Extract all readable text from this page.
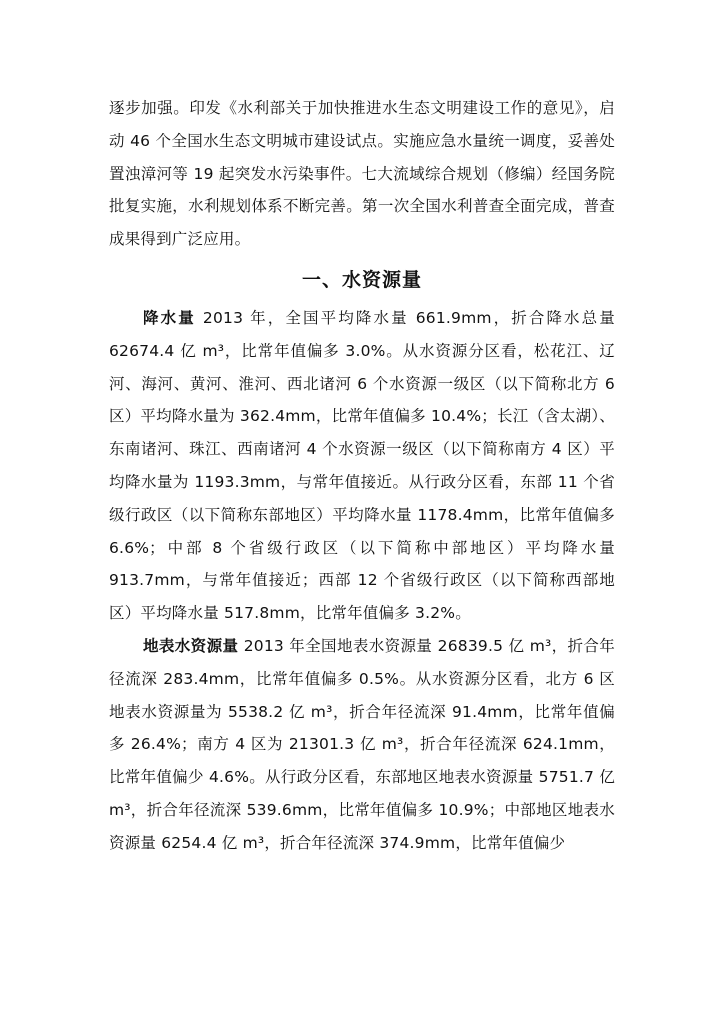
逐步加强。印发《水利部关于加快推进水生态文明建设工作的意见》，启动 46 个全国水生态文明城市建设试点。实施应急水量统一调度，妥善处置浊漳河等 19 起突发水污染事件。七大流域综合规划（修编）经国务院批复实施，水利规划体系不断完善。第一次全国水利普查全面完成，普查成果得到广泛应用。

一、水资源量

降水量 2013 年，全国平均降水量 661.9mm，折合降水总量 62674.4 亿 m³，比常年值偏多 3.0%。从水资源分区看，松花江、辽河、海河、黄河、淮河、西北诸河 6 个水资源一级区（以下简称北方 6 区）平均降水量为 362.4mm，比常年值偏多 10.4%；长江（含太湖）、东南诸河、珠江、西南诸河 4 个水资源一级区（以下简称南方 4 区）平均降水量为 1193.3mm，与常年值接近。从行政分区看，东部 11 个省级行政区（以下简称东部地区）平均降水量 1178.4mm，比常年值偏多 6.6%；中部 8 个省级行政区（以下简称中部地区）平均降水量 913.7mm，与常年值接近；西部 12 个省级行政区（以下简称西部地区）平均降水量 517.8mm，比常年值偏多 3.2%。

地表水资源量 2013 年全国地表水资源量 26839.5 亿 m³，折合年径流深 283.4mm，比常年值偏多 0.5%。从水资源分区看，北方 6 区地表水资源量为 5538.2 亿 m³，折合年径流深 91.4mm，比常年值偏多 26.4%；南方 4 区为 21301.3 亿 m³，折合年径流深 624.1mm，比常年值偏少 4.6%。从行政分区看，东部地区地表水资源量 5751.7 亿 m³，折合年径流深 539.6mm，比常年值偏多 10.9%；中部地区地表水资源量 6254.4 亿 m³，折合年径流深 374.9mm，比常年值偏少
